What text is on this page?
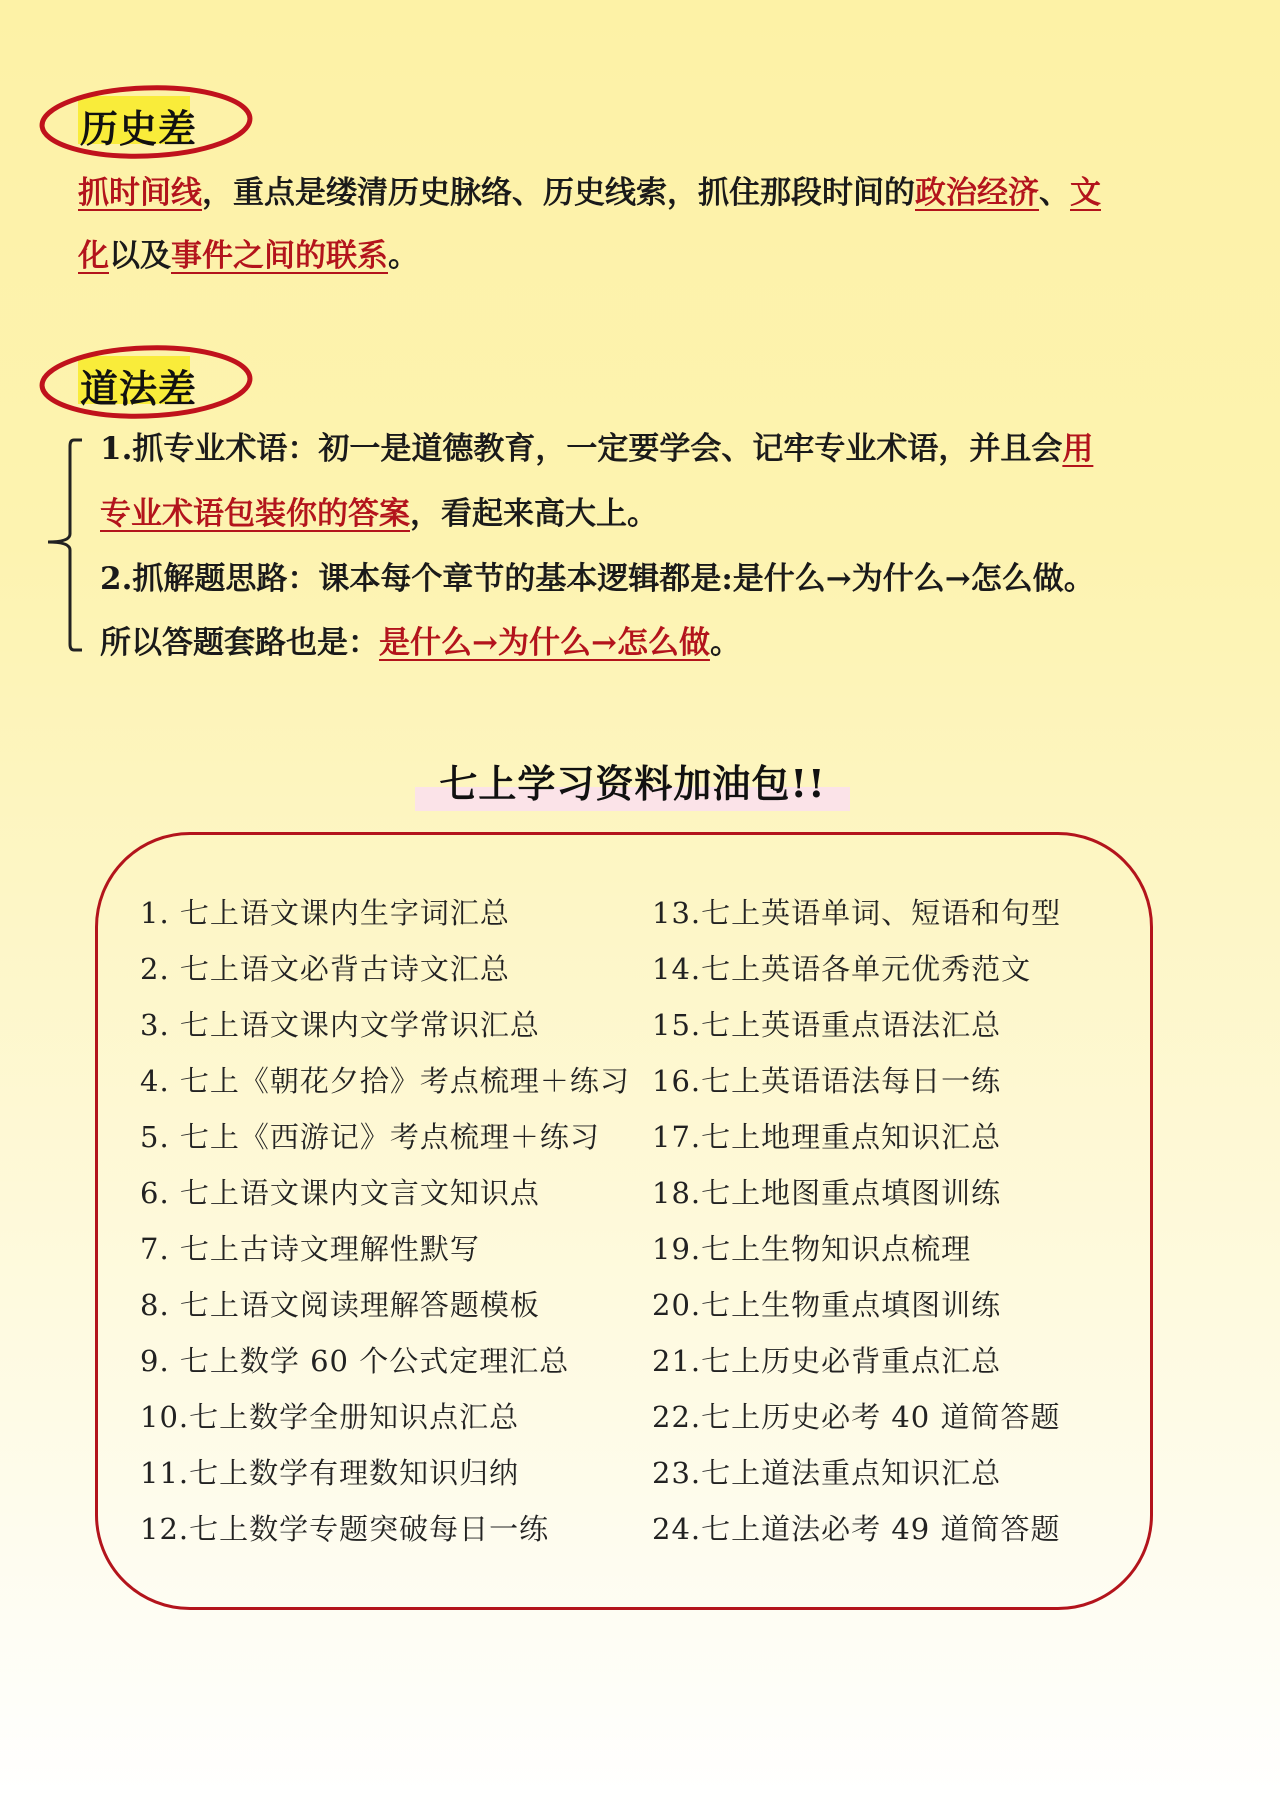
历史差
抓时间线，重点是缕清历史脉络、历史线索，抓住那段时间的政治经济、文
化以及事件之间的联系。
道法差
1.抓专业术语：初一是道德教育，一定要学会、记牢专业术语，并且会用
专业术语包装你的答案，看起来高大上。
2.抓解题思路：课本每个章节的基本逻辑都是:是什么→为什么→怎么做。
所以答题套路也是：是什么→为什么→怎么做。
七上学习资料加油包!!
1. 七上语文课内生字词汇总
2. 七上语文必背古诗文汇总
3. 七上语文课内文学常识汇总
4. 七上《朝花夕拾》考点梳理＋练习
5. 七上《西游记》考点梳理＋练习
6. 七上语文课内文言文知识点
7. 七上古诗文理解性默写
8. 七上语文阅读理解答题模板
9. 七上数学 60 个公式定理汇总
10.七上数学全册知识点汇总
11.七上数学有理数知识归纳
12.七上数学专题突破每日一练
13.七上英语单词、短语和句型
14.七上英语各单元优秀范文
15.七上英语重点语法汇总
16.七上英语语法每日一练
17.七上地理重点知识汇总
18.七上地图重点填图训练
19.七上生物知识点梳理
20.七上生物重点填图训练
21.七上历史必背重点汇总
22.七上历史必考 40 道简答题
23.七上道法重点知识汇总
24.七上道法必考 49 道简答题
